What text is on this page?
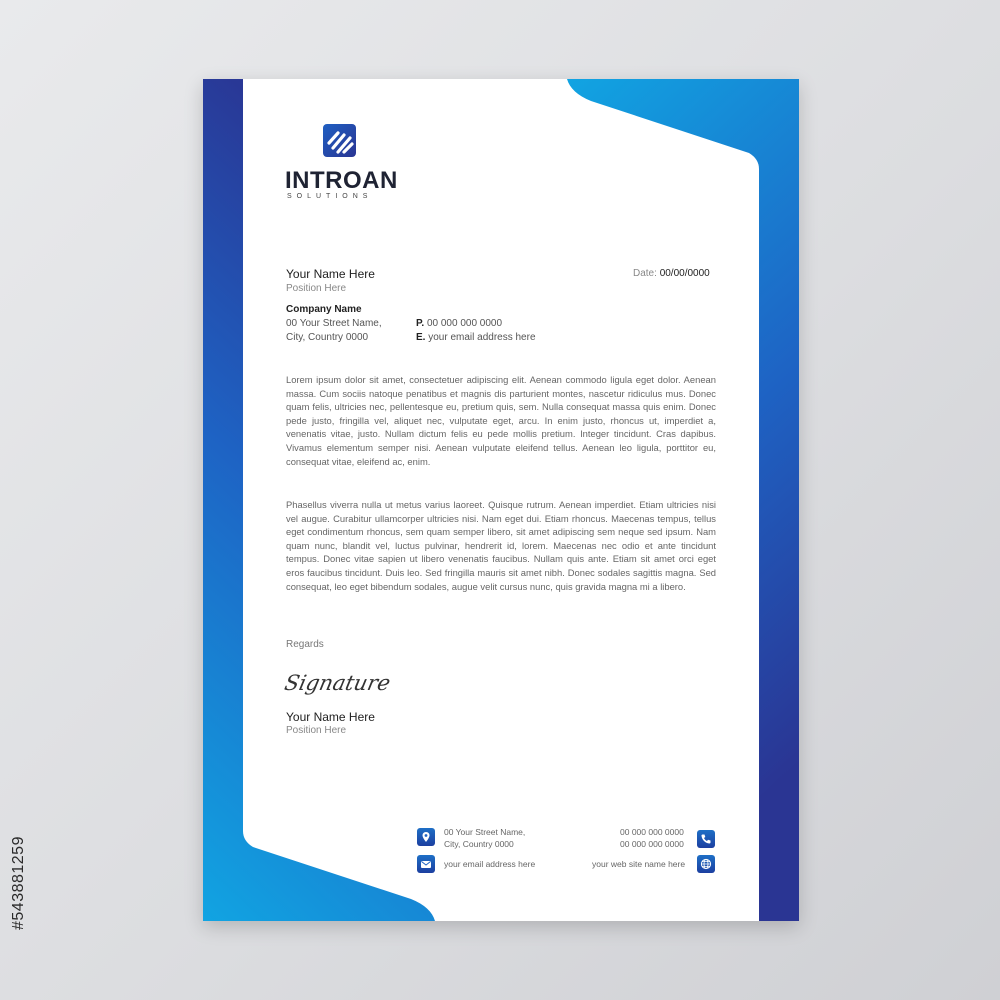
#543881259
INTROAN
SOLUTIONS
Your Name Here
Position Here
Date: 00/00/0000
Company Name
00 Your Street Name,
City, Country 0000
P. 00 000 000 0000
E. your email address here
Lorem ipsum dolor sit amet, consectetuer adipiscing elit. Aenean commodo ligula eget dolor. Aenean massa. Cum sociis natoque penatibus et magnis dis parturient montes, nascetur ridiculus mus. Donec quam felis, ultricies nec, pellentesque eu, pretium quis, sem. Nulla consequat massa quis enim. Donec pede justo, fringilla vel, aliquet nec, vulputate eget, arcu. In enim justo, rhoncus ut, imperdiet a, venenatis vitae, justo. Nullam dictum felis eu pede mollis pretium. Integer tincidunt. Cras dapibus. Vivamus elementum semper nisi. Aenean vulputate eleifend tellus. Aenean leo ligula, porttitor eu, consequat vitae, eleifend ac, enim.
Phasellus viverra nulla ut metus varius laoreet. Quisque rutrum. Aenean imperdiet. Etiam ultricies nisi vel augue. Curabitur ullamcorper ultricies nisi. Nam eget dui. Etiam rhoncus. Maecenas tempus, tellus eget condimentum rhoncus, sem quam semper libero, sit amet adipiscing sem neque sed ipsum. Nam quam nunc, blandit vel, luctus pulvinar, hendrerit id, lorem. Maecenas nec odio et ante tincidunt tempus. Donec vitae sapien ut libero venenatis faucibus. Nullam quis ante. Etiam sit amet orci eget eros faucibus tincidunt. Duis leo. Sed fringilla mauris sit amet nibh. Donec sodales sagittis magna. Sed consequat, leo eget bibendum sodales, augue velit cursus nunc, quis gravida magna mi a libero.
Regards
Signature
Your Name Here
Position Here
00 Your Street Name,
City, Country 0000
your email address here
00 000 000 0000
00 000 000 0000
your web site name here
